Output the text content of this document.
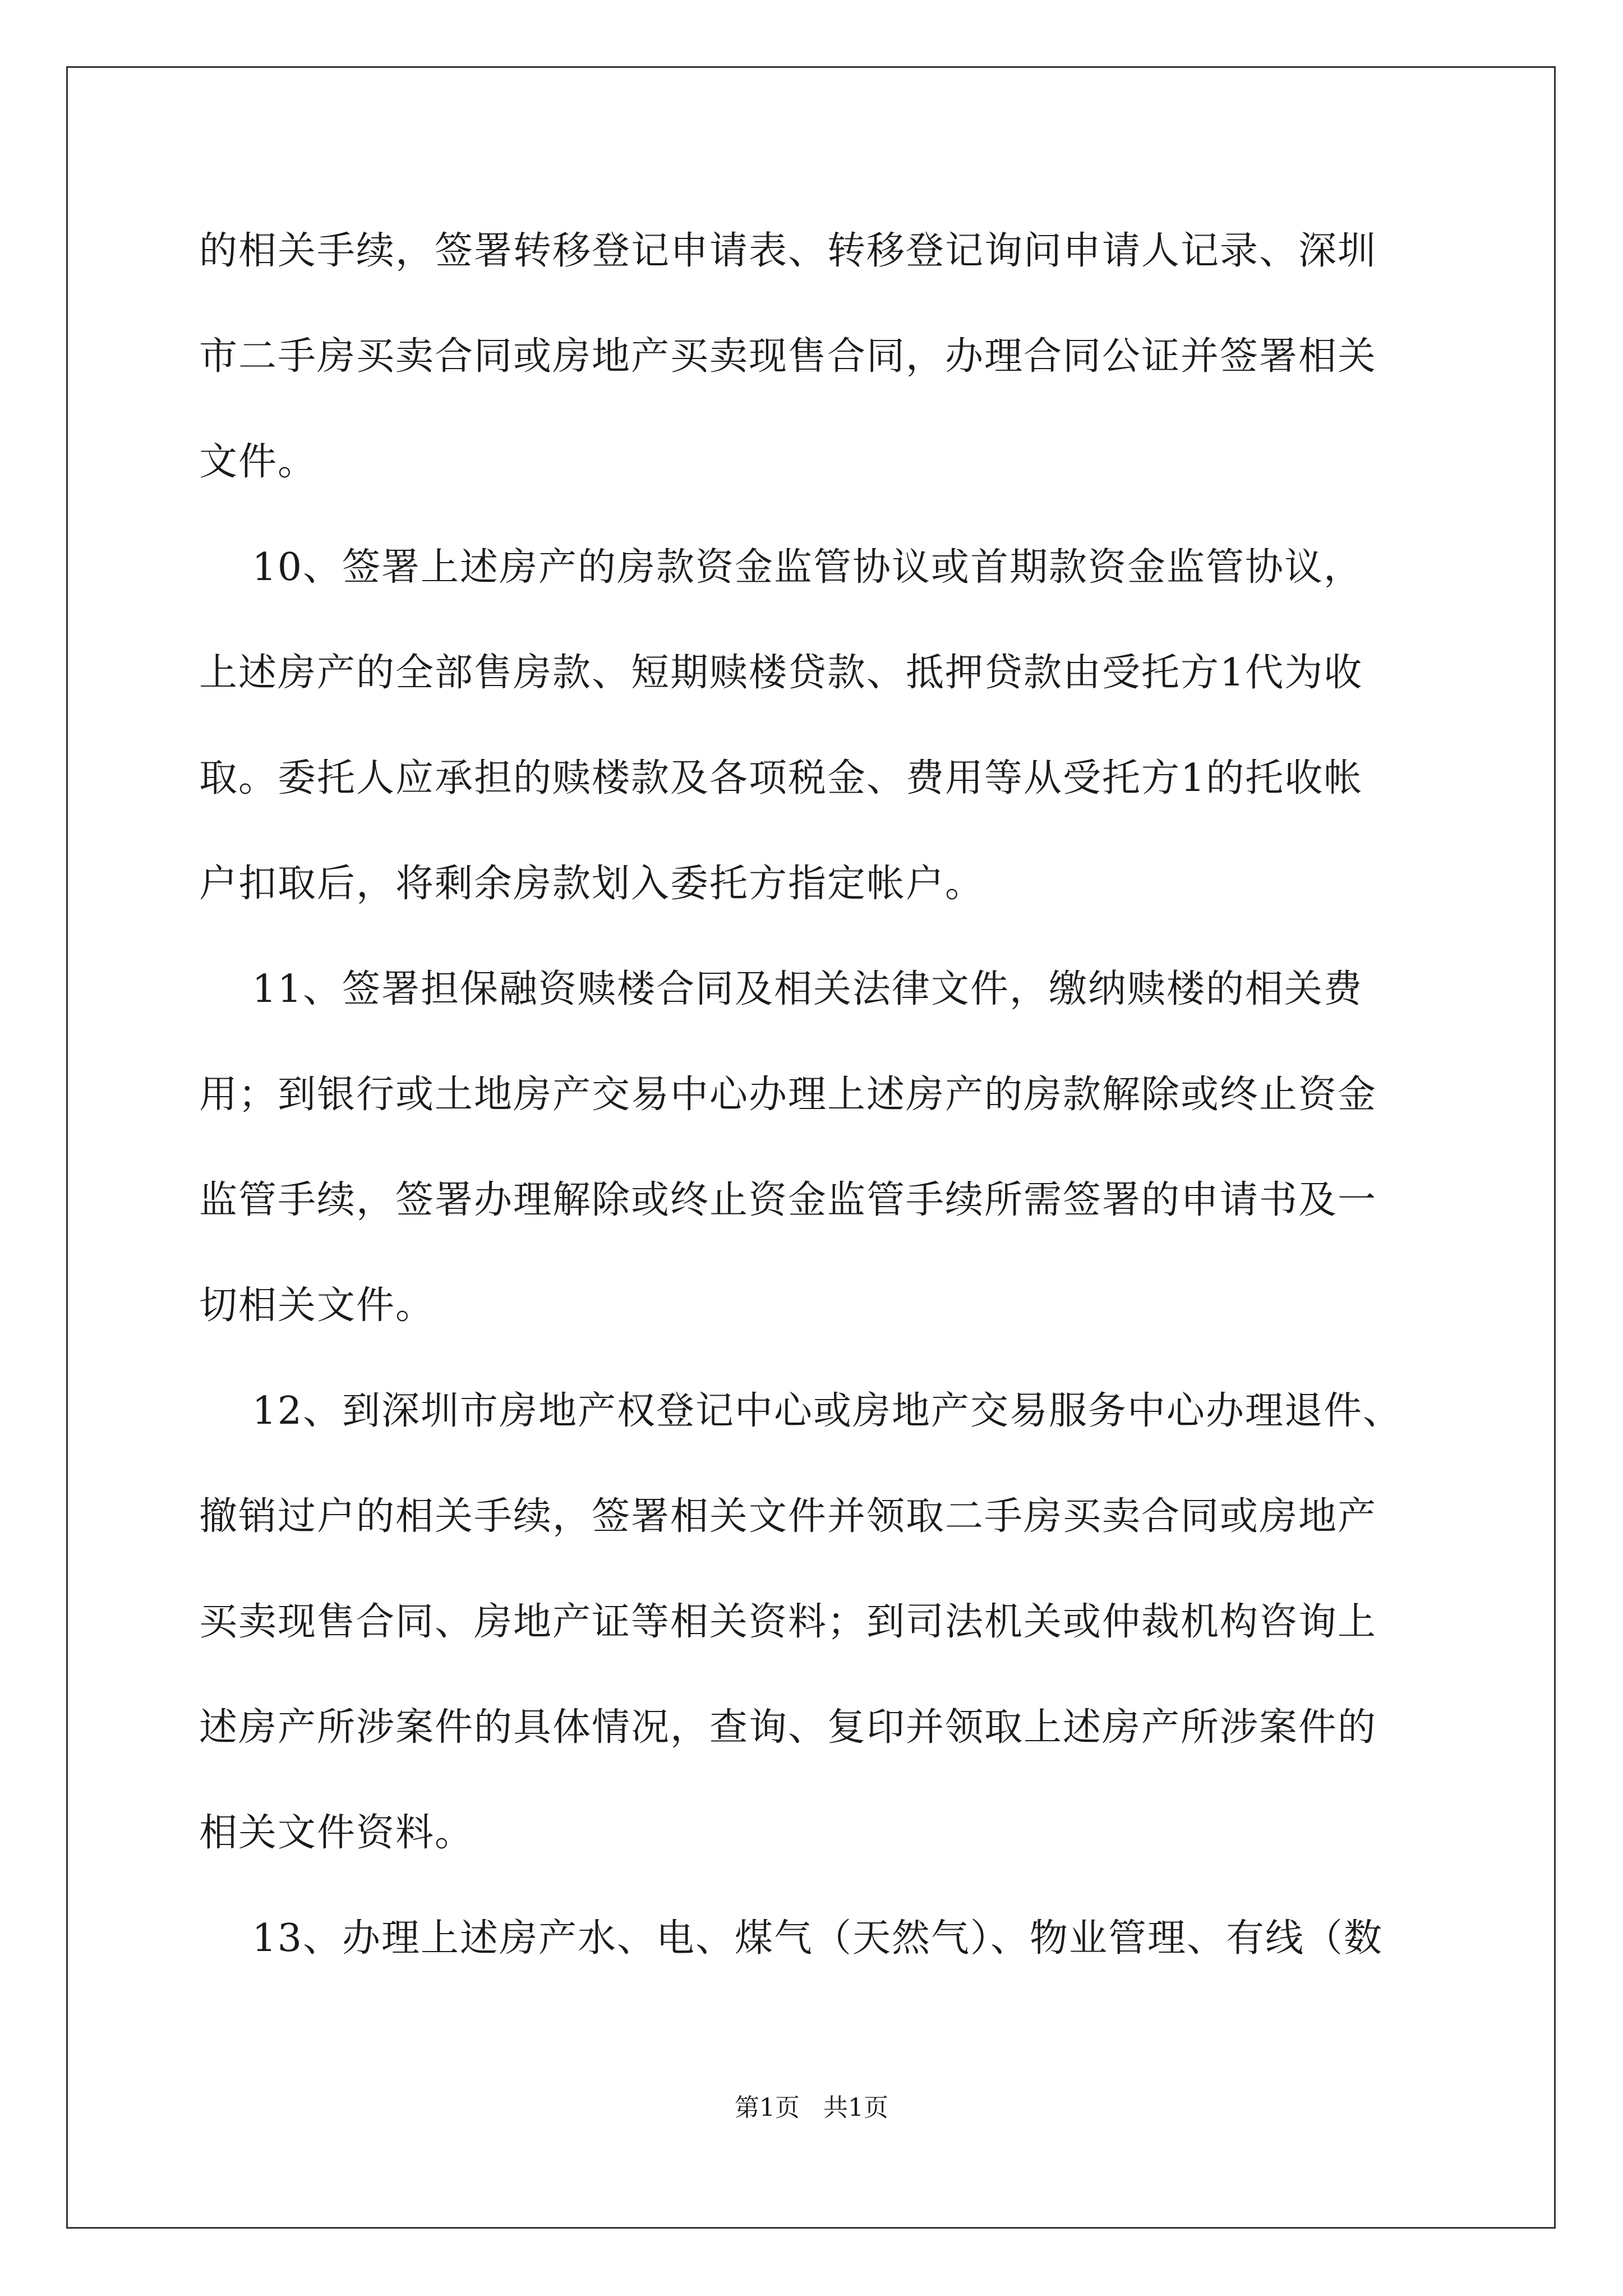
的相关手续，签署转移登记申请表、转移登记询问申请人记录、深圳
市二手房买卖合同或房地产买卖现售合同，办理合同公证并签署相关
文件。
10、签署上述房产的房款资金监管协议或首期款资金监管协议，
上述房产的全部售房款、短期赎楼贷款、抵押贷款由受托方1代为收
取。委托人应承担的赎楼款及各项税金、费用等从受托方1的托收帐
户扣取后，将剩余房款划入委托方指定帐户。
11、签署担保融资赎楼合同及相关法律文件，缴纳赎楼的相关费
用；到银行或土地房产交易中心办理上述房产的房款解除或终止资金
监管手续，签署办理解除或终止资金监管手续所需签署的申请书及一
切相关文件。
12、到深圳市房地产权登记中心或房地产交易服务中心办理退件、
撤销过户的相关手续，签署相关文件并领取二手房买卖合同或房地产
买卖现售合同、房地产证等相关资料；到司法机关或仲裁机构咨询上
述房产所涉案件的具体情况，查询、复印并领取上述房产所涉案件的
相关文件资料。
13、办理上述房产水、电、煤气（天然气）、物业管理、有线（数
第1页   共1页
